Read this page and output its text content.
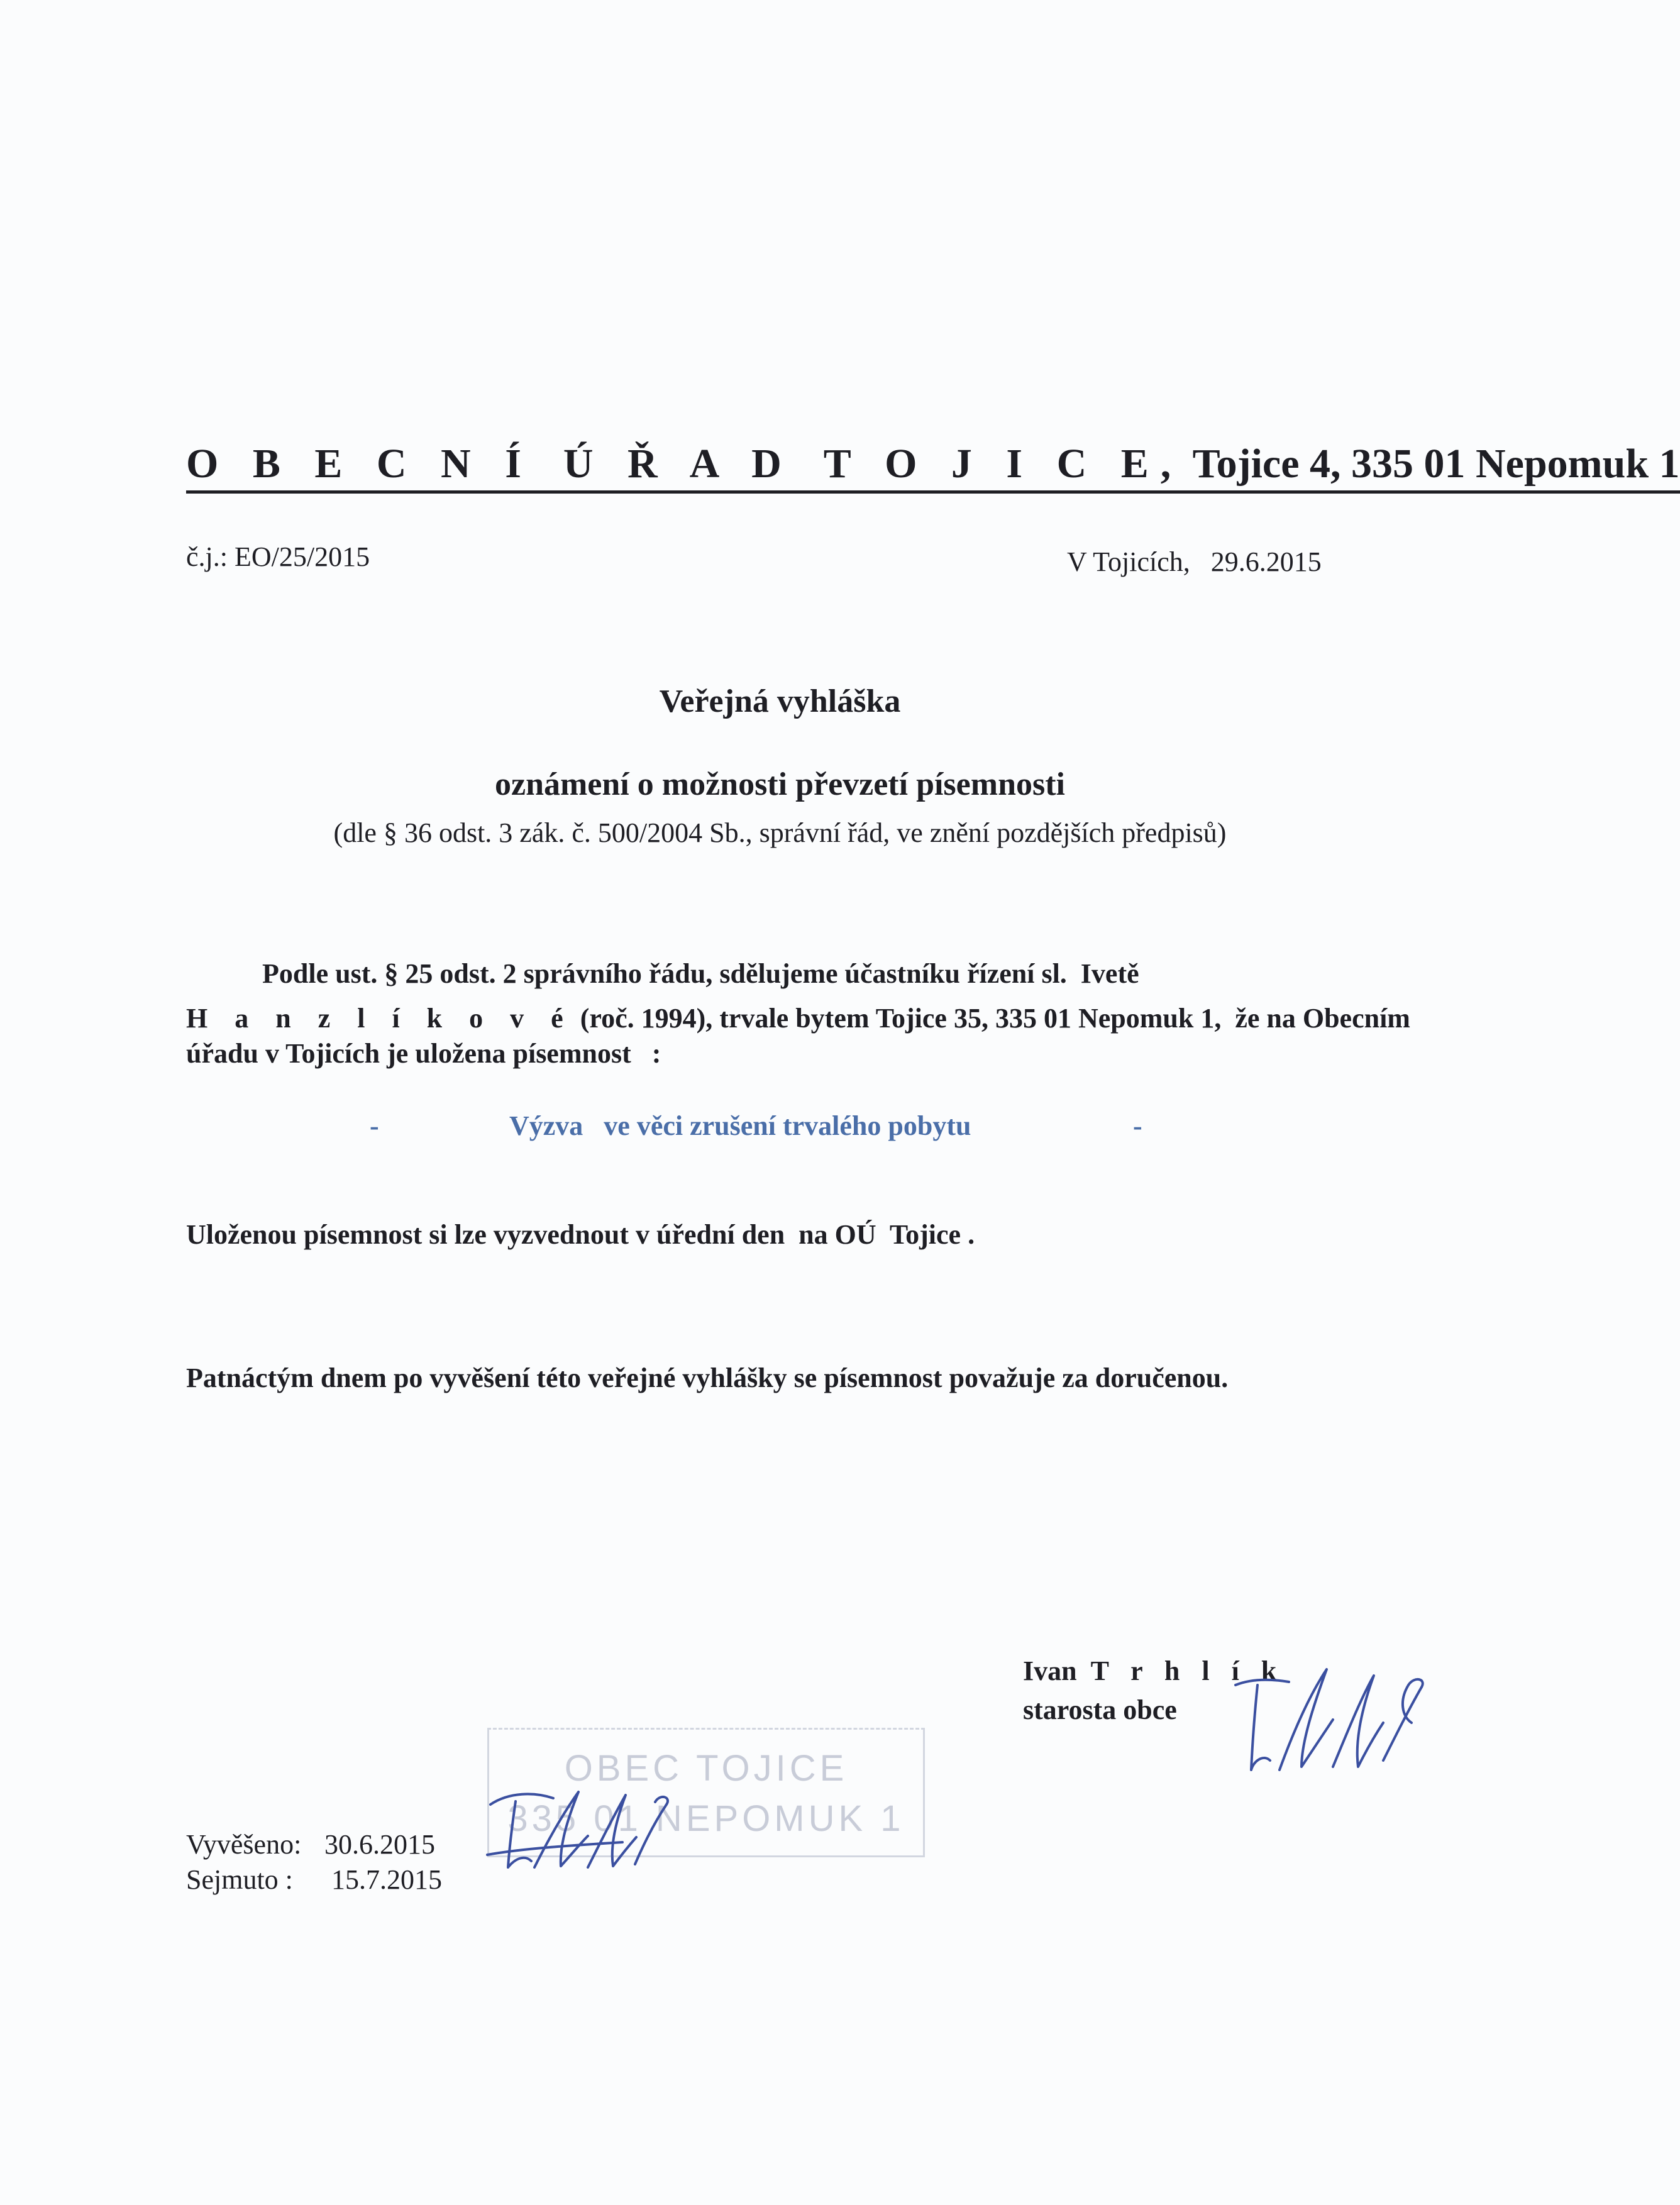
O B E C N Í Ú Ř A D T O J I C E, Tojice 4, 335 01 Nepomuk 1
č.j.: EO/25/2015	V Tojicích,   29.6.2015
Veřejná vyhláška
oznámení o možnosti převzetí písemnosti
(dle § 36 odst. 3 zák. č. 500/2004 Sb., správní řád, ve znění pozdějších předpisů)
Podle ust. § 25 odst. 2 správního řádu, sdělujeme účastníku řízení sl.  Ivetě
H a n z l í k o v é (roč. 1994), trvale bytem Tojice 35, 335 01 Nepomuk 1,  že na Obecním
úřadu v Tojicích je uložena písemnost   :
-	Výzva   ve věci zrušení trvalého pobytu	-
Uloženou písemnost si lze vyzvednout v úřední den  na OÚ  Tojice .
Patnáctým dnem po vyvěšení této veřejné vyhlášky se písemnost považuje za doručenou.
Ivan T r h l í k
starosta obce
OBEC TOJICE
335 01 NEPOMUK 1
Vyvěšeno: 30.6.2015
Sejmuto : 15.7.2015
